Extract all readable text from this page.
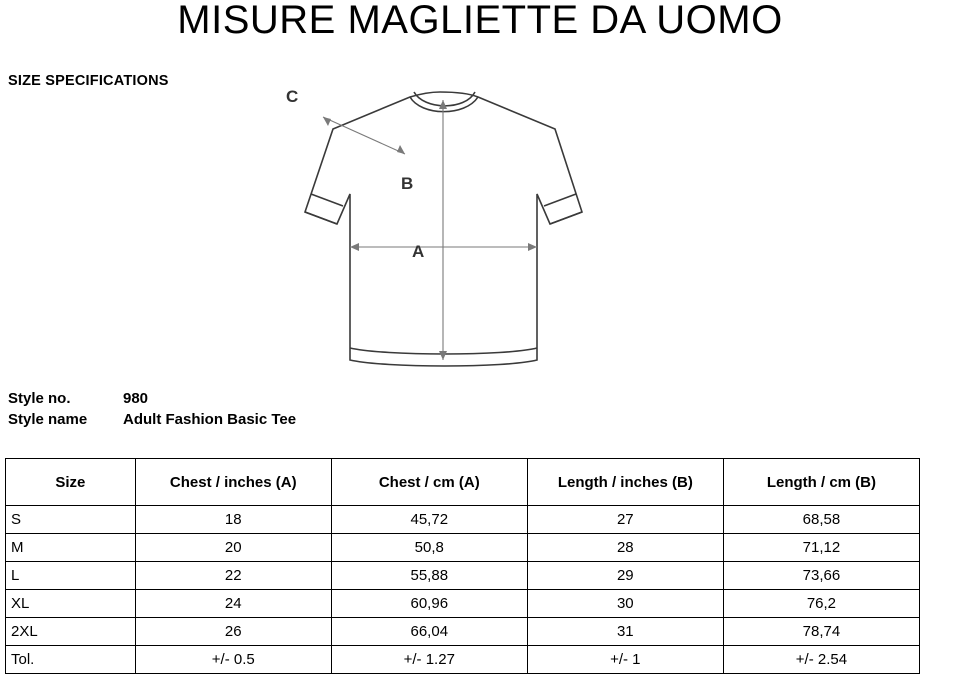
MISURE MAGLIETTE DA UOMO
SIZE SPECIFICATIONS
C
B
A
Style no.	980
Style name	Adult Fashion Basic Tee
Size	Chest / inches (A)	Chest / cm (A)	Length / inches (B)	Length / cm (B)
S	18	45,72	27	68,58
M	20	50,8	28	71,12
L	22	55,88	29	73,66
XL	24	60,96	30	76,2
2XL	26	66,04	31	78,74
Tol.	+/- 0.5	+/- 1.27	+/- 1	+/- 2.54
